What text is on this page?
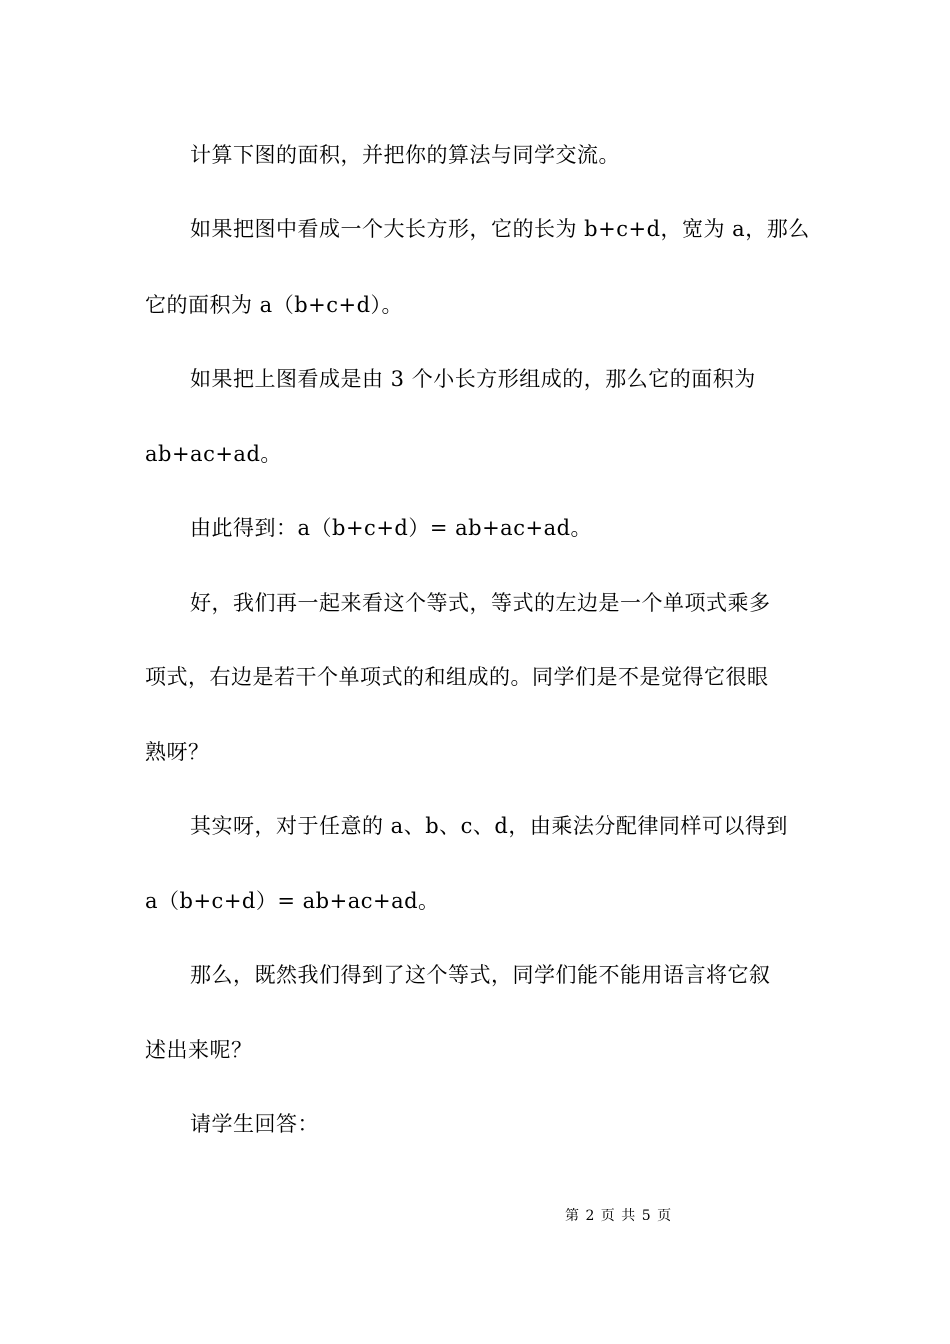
计算下图的面积，并把你的算法与同学交流。
如果把图中看成一个大长方形，它的长为 b+c+d，宽为 a，那么
它的面积为 a（b+c+d）。
如果把上图看成是由 3 个小长方形组成的，那么它的面积为
ab+ac+ad。
由此得到：a（b+c+d）= ab+ac+ad。
好，我们再一起来看这个等式，等式的左边是一个单项式乘多
项式，右边是若干个单项式的和组成的。同学们是不是觉得它很眼
熟呀？
其实呀，对于任意的 a、b、c、d，由乘法分配律同样可以得到
a（b+c+d）= ab+ac+ad。
那么，既然我们得到了这个等式，同学们能不能用语言将它叙
述出来呢？
请学生回答：
第 2 页 共 5 页
